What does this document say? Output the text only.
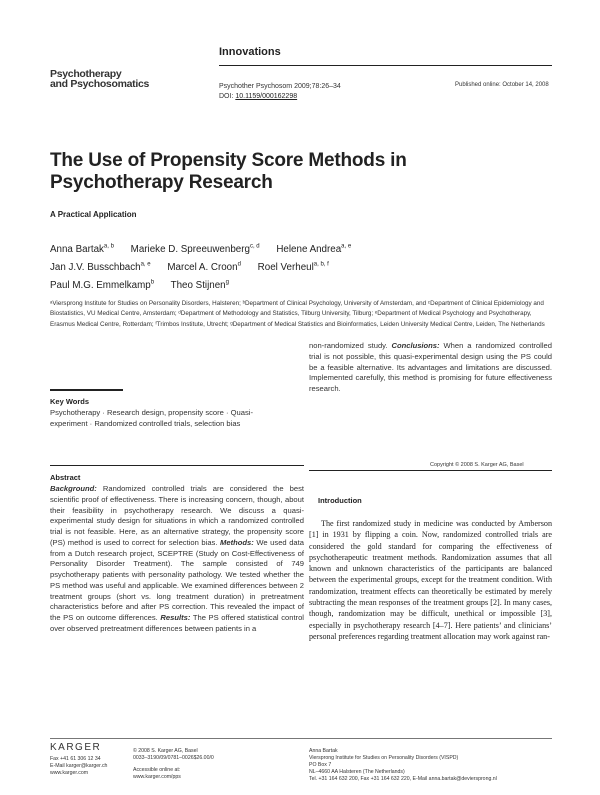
Psychotherapy
and Psychosomatics
Innovations
Psychother Psychosom 2009;78:26–34
DOI: 10.1159/000162298
Published online: October 14, 2008
The Use of Propensity Score Methods in Psychotherapy Research
A Practical Application
Anna Bartak$^{a, b}$ Marieke D. Spreeuwenberg$^{c, d}$ Helene Andrea$^{a, e}$
Jan J.V. Busschbach$^{a, e}$ Marcel A. Croon$^d$ Roel Verheul$^{a, b, f}$
Paul M.G. Emmelkamp$^b$ Theo Stijnen$^g$
ᵃViersprong Institute for Studies on Personality Disorders, Halsteren; ᵇDepartment of Clinical Psychology, University of Amsterdam, and ᶜDepartment of Clinical Epidemiology and Biostatistics, VU Medical Centre, Amsterdam; ᵈDepartment of Methodology and Statistics, Tilburg University, Tilburg; ᵉDepartment of Medical Psychology and Psychotherapy, Erasmus Medical Centre, Rotterdam; ᶠTrimbos Institute, Utrecht; ᵍDepartment of Medical Statistics and Bioinformatics, Leiden University Medical Centre, Leiden, The Netherlands
Key Words
Psychotherapy · Research design, propensity score · Quasi-experiment · Randomized controlled trials, selection bias
Abstract
Background: Randomized controlled trials are considered the best scientific proof of effectiveness. There is increasing concern, though, about their feasibility in psychotherapy research. We discuss a quasi-experimental study design for situations in which a randomized controlled trial is not feasible. Here, as an alternative strategy, the propensity score (PS) method is used to correct for selection bias. Methods: We used data from a Dutch research project, SCEPTRE (Study on Cost-Effectiveness of Personality Disorder Treatment). The sample consisted of 749 psychotherapy patients with personality pathology. We tested whether the PS method was useful and applicable. We examined differences between 2 treatment groups (short vs. long treatment duration) in pretreatment characteristics before and after PS correction. This revealed the impact of the PS on outcome differences. Results: The PS offered statistical control over observed pretreatment differences between patients in a
non-randomized study. Conclusions: When a randomized controlled trial is not possible, this quasi-experimental design using the PS could be a feasible alternative. Its advantages and limitations are discussed. Implemented carefully, this method is promising for future effectiveness research.
Copyright © 2008 S. Karger AG, Basel
Introduction

The first randomized study in medicine was conducted by Amberson [1] in 1931 by flipping a coin. Now, randomized controlled trials are considered the gold standard for comparing the effectiveness of psychotherapeutic treatment methods. Randomization assumes that all known and unknown characteristics of the participants are balanced between the experimental groups, except for the treatment condition. With randomization, treatment effects can theoretically be estimated by merely subtracting the mean responses of the treatment groups [2]. In many cases, though, randomization may be difficult, unethical or impossible [3], especially in psychotherapy research [4–7]. Here patients’ and clinicians’ personal preferences regarding treatment allocation may work against ran-

KARGER
Fax +41 61 306 12 34
E-Mail karger@karger.ch
www.karger.com
© 2008 S. Karger AG, Basel
0033–3190/09/0781–0026$26.00/0
Accessible online at:
www.karger.com/pps
Anna Bartak
Viersprong Institute for Studies on Personality Disorders (VISPD)
PO Box 7
NL–4660 AA Halsteren (The Netherlands)
Tel. +31 164 632 200, Fax +31 164 632 220, E-Mail anna.bartak@deviersprong.nl
